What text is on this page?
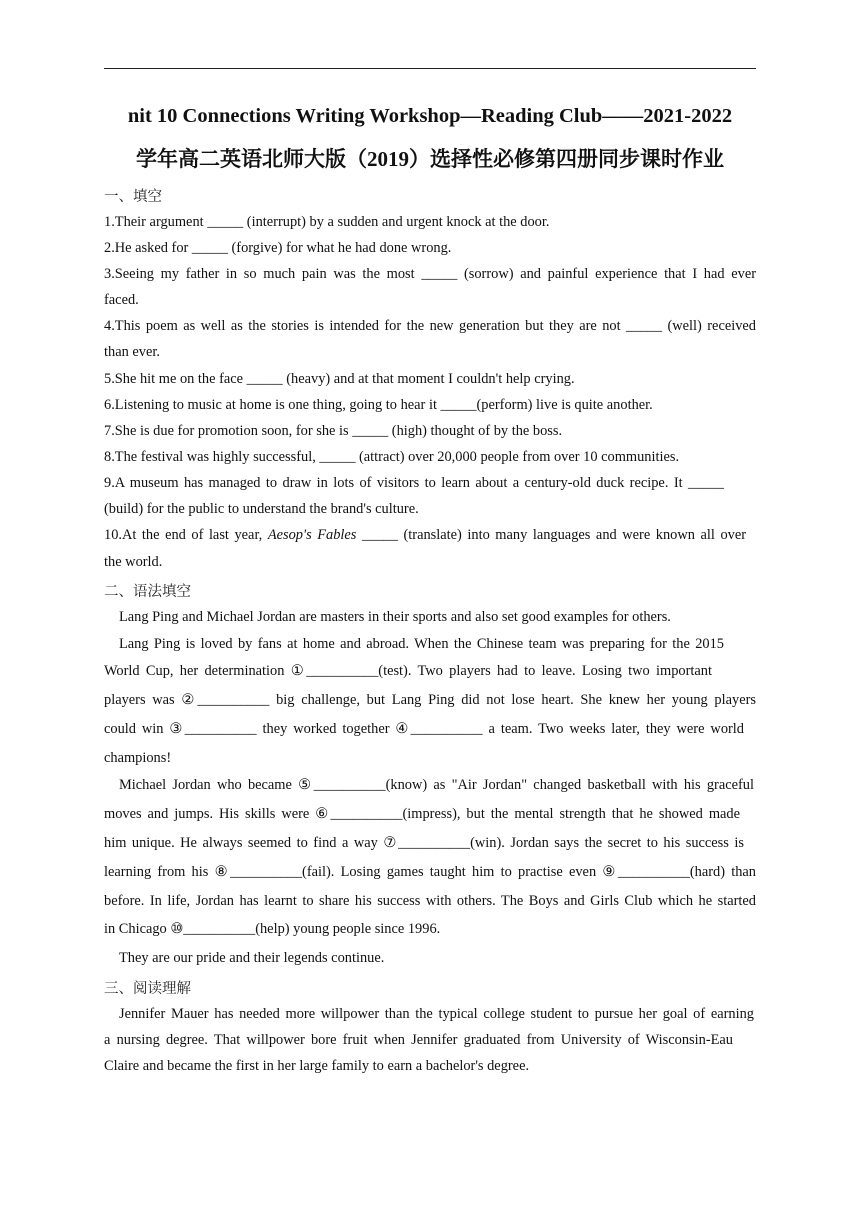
nit 10 Connections Writing Workshop—Reading Club——2021-2022
学年高二英语北师大版（2019）选择性必修第四册同步课时作业
一、填空
1.Their argument _____ (interrupt) by a sudden and urgent knock at the door.
2.He asked for _____ (forgive) for what he had done wrong.
3.Seeing my father in so much pain was the most _____ (sorrow) and painful experience that I had ever
faced.
4.This poem as well as the stories is intended for the new generation but they are not _____ (well) received
than ever.
5.She hit me on the face _____ (heavy) and at that moment I couldn't help crying.
6.Listening to music at home is one thing, going to hear it _____(perform) live is quite another.
7.She is due for promotion soon, for she is _____ (high) thought of by the boss.
8.The festival was highly successful, _____ (attract) over 20,000 people from over 10 communities.
9.A museum has managed to draw in lots of visitors to learn about a century-old duck recipe. It _____
(build) for the public to understand the brand's culture.
10.At the end of last year, Aesop's Fables _____ (translate) into many languages and were known all over
the world.
二、语法填空
Lang Ping and Michael Jordan are masters in their sports and also set good examples for others.
Lang Ping is loved by fans at home and abroad. When the Chinese team was preparing for the 2015
World Cup, her determination ①__________(test). Two players had to leave. Losing two important
players was ②__________ big challenge, but Lang Ping did not lose heart. She knew her young players
could win ③__________ they worked together ④__________ a team. Two weeks later, they were world
champions!
Michael Jordan who became ⑤__________(know) as "Air Jordan" changed basketball with his graceful
moves and jumps. His skills were ⑥__________(impress), but the mental strength that he showed made
him unique. He always seemed to find a way ⑦__________(win). Jordan says the secret to his success is
learning from his ⑧__________(fail). Losing games taught him to practise even ⑨__________(hard) than
before. In life, Jordan has learnt to share his success with others. The Boys and Girls Club which he started
in Chicago ⑩__________(help) young people since 1996.
They are our pride and their legends continue.
三、阅读理解
Jennifer Mauer has needed more willpower than the typical college student to pursue her goal of earning
a nursing degree. That willpower bore fruit when Jennifer graduated from University of Wisconsin-Eau
Claire and became the first in her large family to earn a bachelor's degree.
